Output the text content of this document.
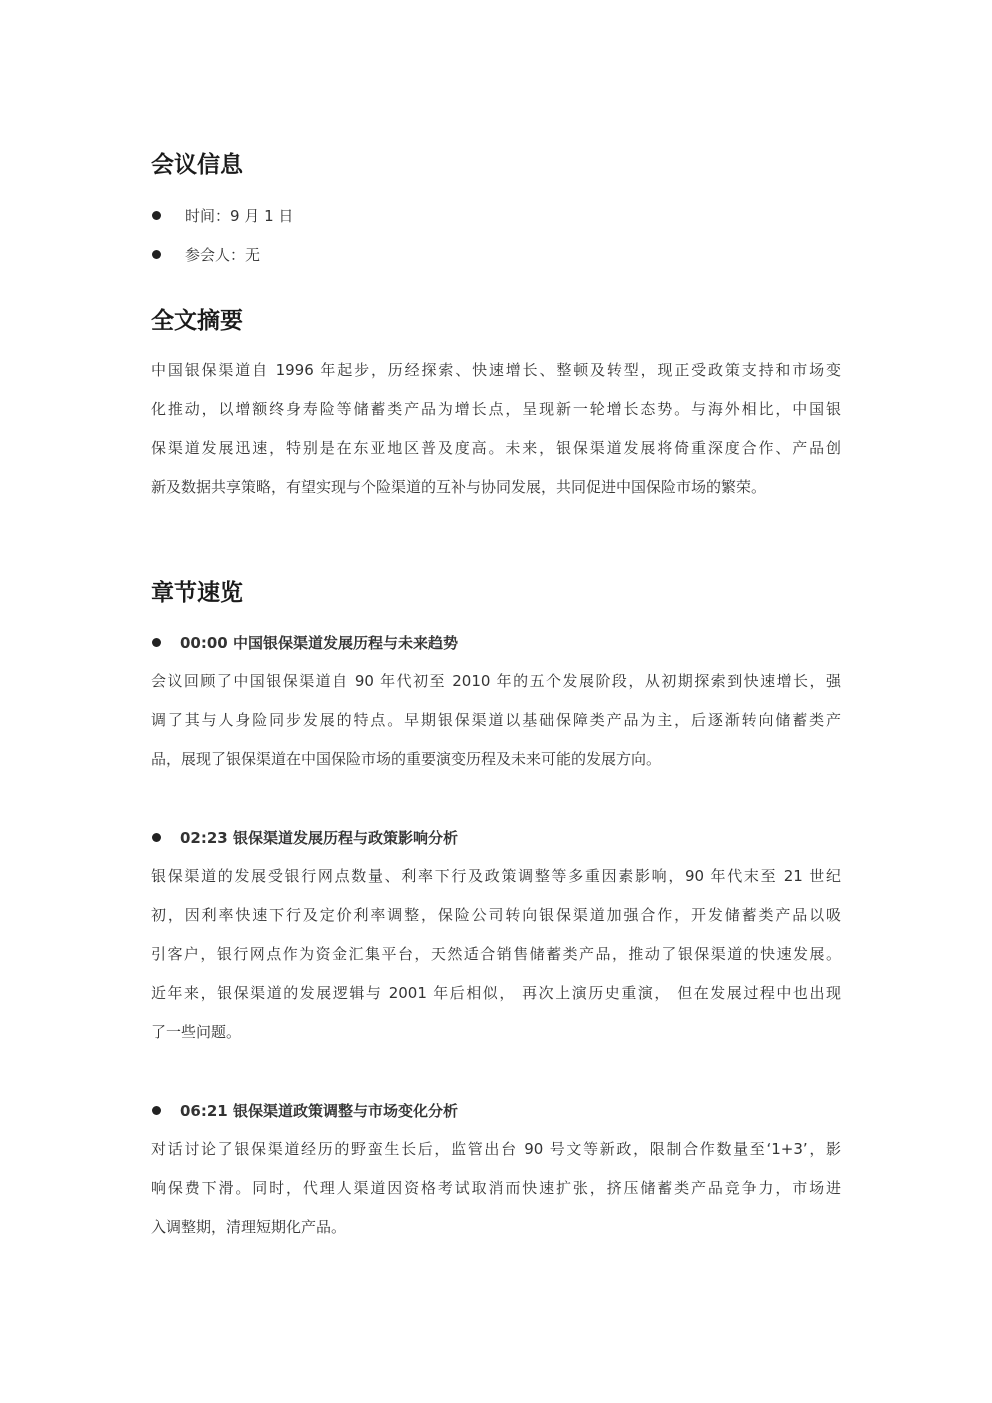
会议信息
时间：9 月 1 日
参会人：无
全文摘要
中国银保渠道自 1996 年起步，历经探索、快速增长、整顿及转型，现正受政策支持和市场变
化推动，以增额终身寿险等储蓄类产品为增长点，呈现新一轮增长态势。与海外相比，中国银
保渠道发展迅速，特别是在东亚地区普及度高。未来，银保渠道发展将倚重深度合作、产品创
新及数据共享策略，有望实现与个险渠道的互补与协同发展，共同促进中国保险市场的繁荣。
章节速览
00:00 中国银保渠道发展历程与未来趋势
会议回顾了中国银保渠道自 90 年代初至 2010 年的五个发展阶段，从初期探索到快速增长，强
调了其与人身险同步发展的特点。早期银保渠道以基础保障类产品为主，后逐渐转向储蓄类产
品，展现了银保渠道在中国保险市场的重要演变历程及未来可能的发展方向。
02:23 银保渠道发展历程与政策影响分析
银保渠道的发展受银行网点数量、利率下行及政策调整等多重因素影响，90 年代末至 21 世纪
初，因利率快速下行及定价利率调整，保险公司转向银保渠道加强合作，开发储蓄类产品以吸
引客户，银行网点作为资金汇集平台，天然适合销售储蓄类产品，推动了银保渠道的快速发展。
近年来，银保渠道的发展逻辑与 2001 年后相似， 再次上演历史重演， 但在发展过程中也出现
了一些问题。
06:21 银保渠道政策调整与市场变化分析
对话讨论了银保渠道经历的野蛮生长后，监管出台 90 号文等新政，限制合作数量至‘1+3’，影
响保费下滑。同时，代理人渠道因资格考试取消而快速扩张，挤压储蓄类产品竞争力，市场进
入调整期，清理短期化产品。
